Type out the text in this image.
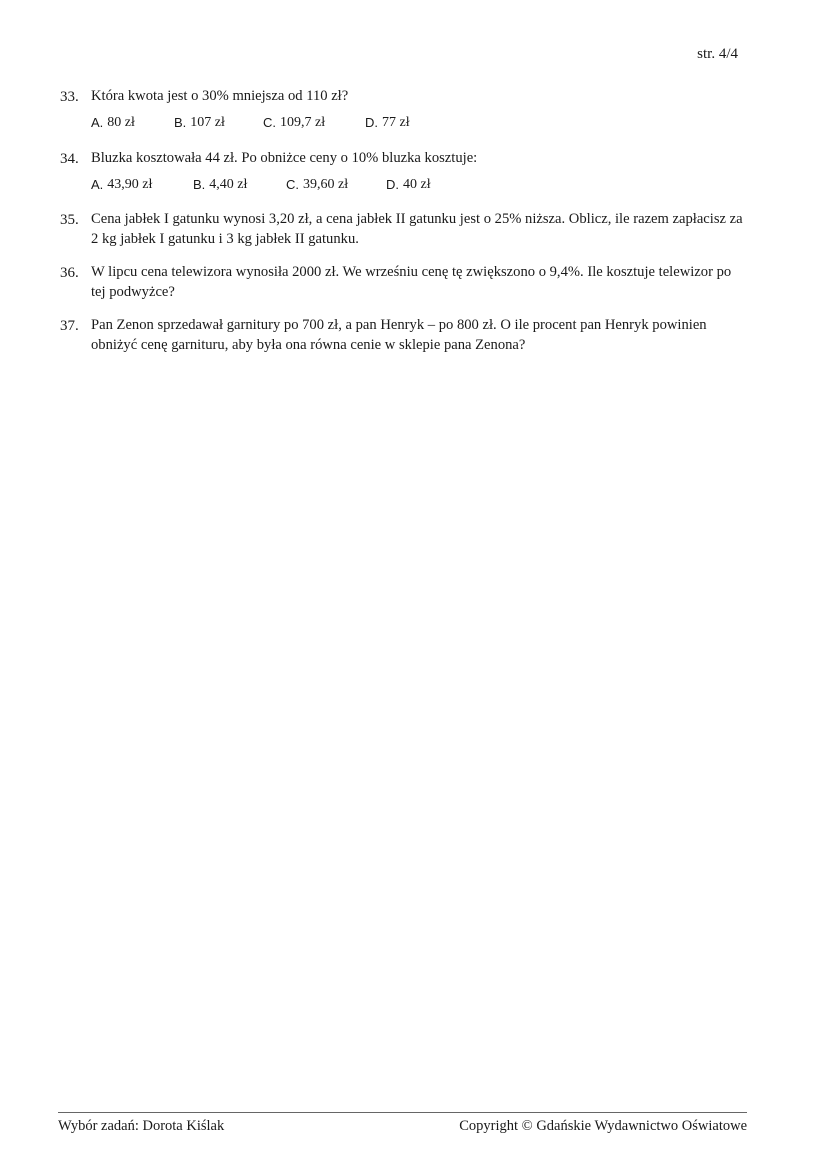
str. 4/4
33. Która kwota jest o 30% mniejsza od 110 zł?
A. 80 zł	B. 107 zł	C. 109,7 zł	D. 77 zł
34. Bluzka kosztowała 44 zł. Po obniżce ceny o 10% bluzka kosztuje:
A. 43,90 zł	B. 4,40 zł	C. 39,60 zł	D. 40 zł
35. Cena jabłek I gatunku wynosi 3,20 zł, a cena jabłek II gatunku jest o 25% niższa. Oblicz, ile razem zapłacisz za 2 kg jabłek I gatunku i 3 kg jabłek II gatunku.
36. W lipcu cena telewizora wynosiła 2000 zł. We wrześniu cenę tę zwiększono o 9,4%. Ile kosztuje telewizor po tej podwyżce?
37. Pan Zenon sprzedawał garnitury po 700 zł, a pan Henryk – po 800 zł. O ile procent pan Henryk powinien obniżyć cenę garnituru, aby była ona równa cenie w sklepie pana Zenona?
Wybór zadań: Dorota Kiślak	Copyright © Gdańskie Wydawnictwo Oświatowe
